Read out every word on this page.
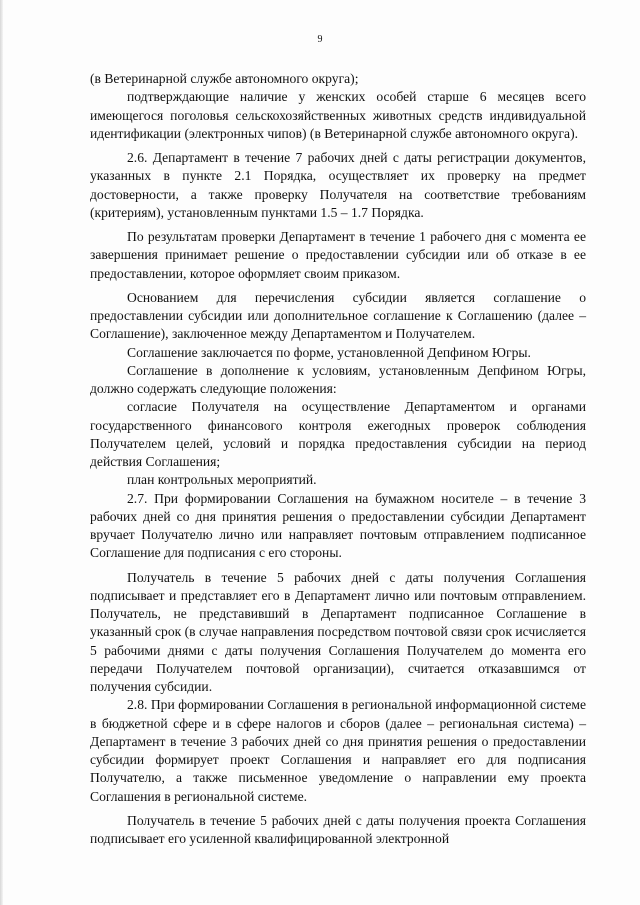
9

(в Ветеринарной службе автономного округа);

подтверждающие наличие у женских особей старше 6 месяцев всего имеющегося поголовья сельскохозяйственных животных средств индивидуальной идентификации (электронных чипов) (в Ветеринарной службе автономного округа).

2.6. Департамент в течение 7 рабочих дней с даты регистрации документов, указанных в пункте 2.1 Порядка, осуществляет их проверку на предмет достоверности, а также проверку Получателя на соответствие требованиям (критериям), установленным пунктами 1.5 – 1.7 Порядка.

По результатам проверки Департамент в течение 1 рабочего дня с момента ее завершения принимает решение о предоставлении субсидии или об отказе в ее предоставлении, которое оформляет своим приказом.

Основанием для перечисления субсидии является соглашение о предоставлении субсидии или дополнительное соглашение к Соглашению (далее – Соглашение), заключенное между Департаментом и Получателем.

Соглашение заключается по форме, установленной Депфином Югры.

Соглашение в дополнение к условиям, установленным Депфином Югры, должно содержать следующие положения:

согласие Получателя на осуществление Департаментом и органами государственного финансового контроля ежегодных проверок соблюдения Получателем целей, условий и порядка предоставления субсидии на период действия Соглашения;

план контрольных мероприятий.

2.7. При формировании Соглашения на бумажном носителе – в течение 3 рабочих дней со дня принятия решения о предоставлении субсидии Департамент вручает Получателю лично или направляет почтовым отправлением подписанное Соглашение для подписания с его стороны.

Получатель в течение 5 рабочих дней с даты получения Соглашения подписывает и представляет его в Департамент лично или почтовым отправлением. Получатель, не представивший в Департамент подписанное Соглашение в указанный срок (в случае направления посредством почтовой связи срок исчисляется 5 рабочими днями с даты получения Соглашения Получателем до момента его передачи Получателем почтовой организации), считается отказавшимся от получения субсидии.

2.8. При формировании Соглашения в региональной информационной системе в бюджетной сфере и в сфере налогов и сборов (далее – региональная система) – Департамент в течение 3 рабочих дней со дня принятия решения о предоставлении субсидии формирует проект Соглашения и направляет его для подписания Получателю, а также письменное уведомление о направлении ему проекта Соглашения в региональной системе.

Получатель в течение 5 рабочих дней с даты получения проекта Соглашения подписывает его усиленной квалифицированной электронной
